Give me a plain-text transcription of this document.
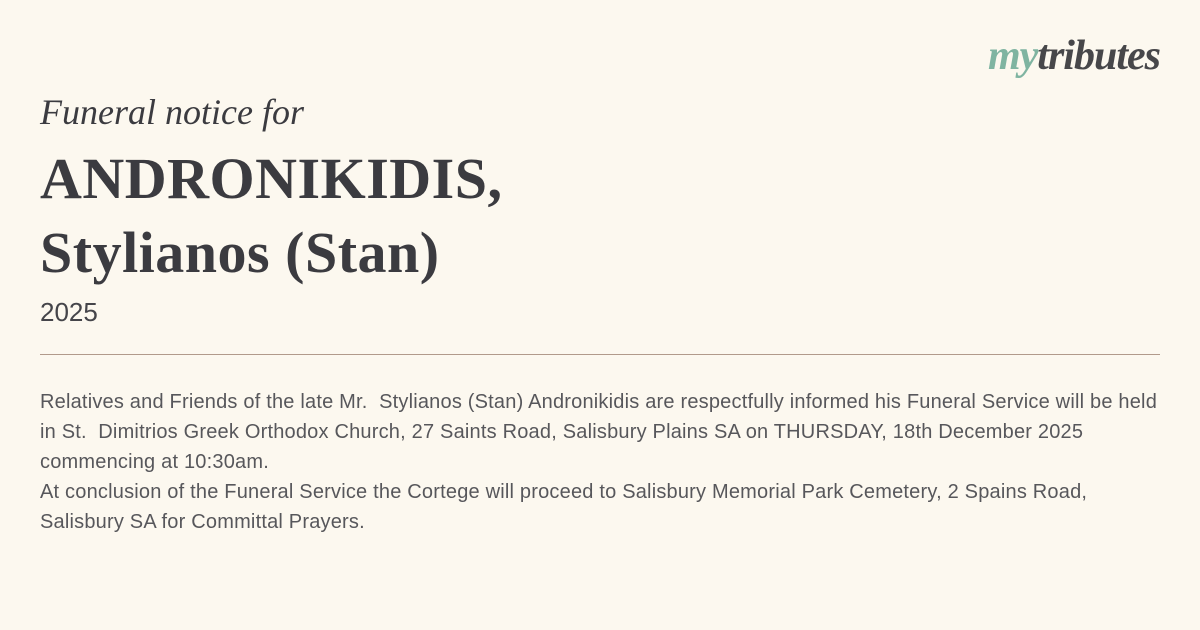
mytributes
Funeral notice for
ANDRONIKIDIS,
Stylianos (Stan)
2025

Relatives and Friends of the late Mr.  Stylianos (Stan) Andronikidis are respectfully informed his Funeral Service will be held in St.  Dimitrios Greek Orthodox Church, 27 Saints Road, Salisbury Plains SA on THURSDAY, 18th December 2025 commencing at 10:30am.

At conclusion of the Funeral Service the Cortege will proceed to Salisbury Memorial Park Cemetery, 2 Spains Road, Salisbury SA for Committal Prayers.
